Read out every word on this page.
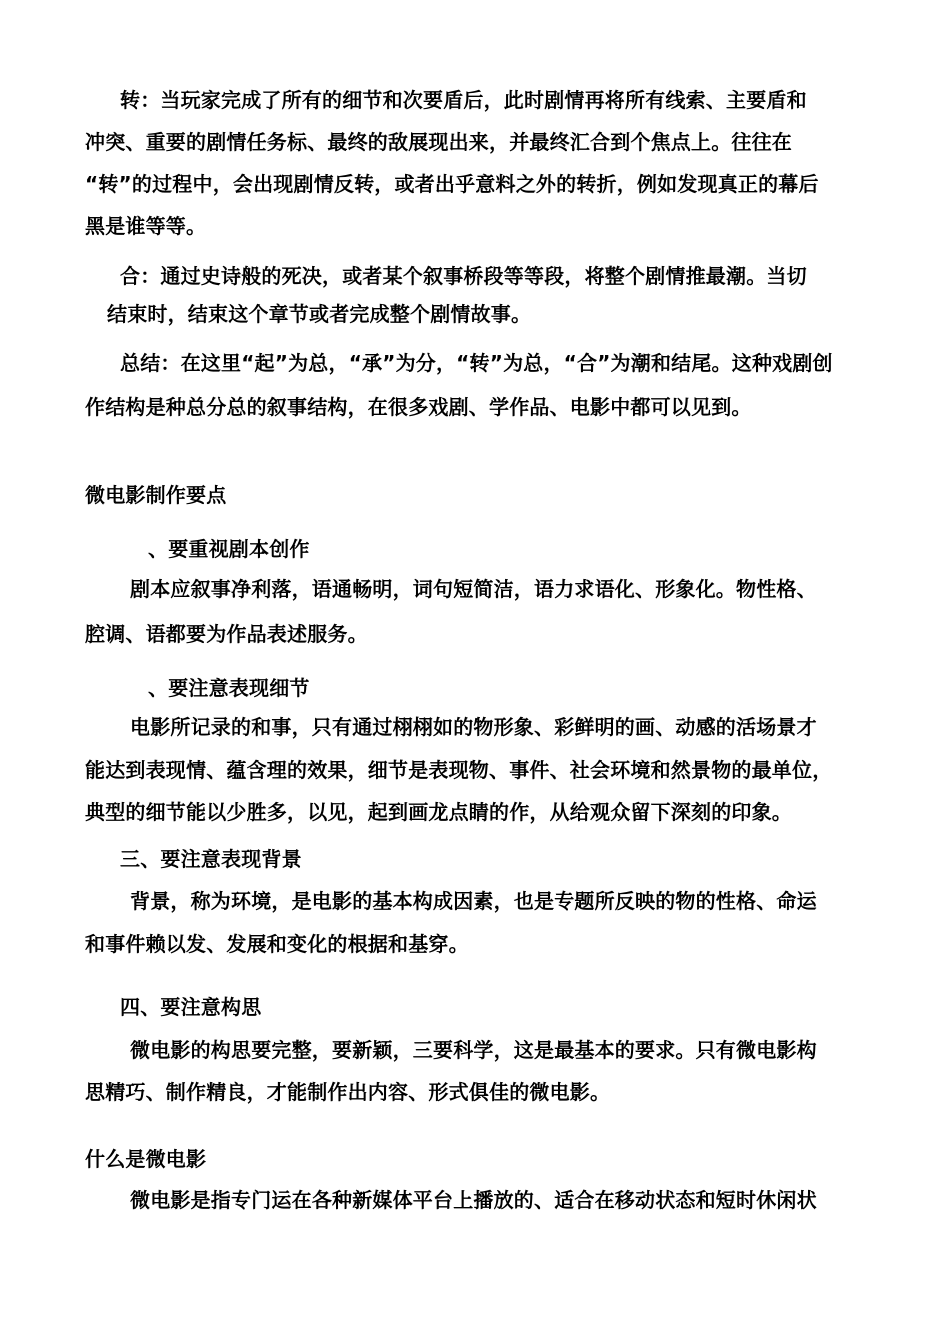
转：当玩家完成了所有的细节和次要盾后，此时剧情再将所有线索、主要盾和
冲突、重要的剧情任务标、最终的敌展现出来，并最终汇合到个焦点上。往往在
“转”的过程中，会出现剧情反转，或者出乎意料之外的转折，例如发现真正的幕后
黑是谁等等。
合：通过史诗般的死决，或者某个叙事桥段等等段，将整个剧情推最潮。当切
结束时，结束这个章节或者完成整个剧情故事。
总结：在这里“起”为总，“承”为分，“转”为总，“合”为潮和结尾。这种戏剧创
作结构是种总分总的叙事结构，在很多戏剧、学作品、电影中都可以见到。
微电影制作要点
、要重视剧本创作
剧本应叙事净利落，语通畅明，词句短简洁，语力求语化、形象化。物性格、
腔调、语都要为作品表述服务。
、要注意表现细节
电影所记录的和事，只有通过栩栩如的物形象、彩鲜明的画、动感的活场景才
能达到表现情、蕴含理的效果，细节是表现物、事件、社会环境和然景物的最单位，
典型的细节能以少胜多，以见，起到画龙点睛的作，从给观众留下深刻的印象。
三、要注意表现背景
背景，称为环境，是电影的基本构成因素，也是专题所反映的物的性格、命运
和事件赖以发、发展和变化的根据和基穿。
四、要注意构思
微电影的构思要完整，要新颖，三要科学，这是最基本的要求。只有微电影构
思精巧、制作精良，才能制作出内容、形式俱佳的微电影。
什么是微电影
微电影是指专门运在各种新媒体平台上播放的、适合在移动状态和短时休闲状
